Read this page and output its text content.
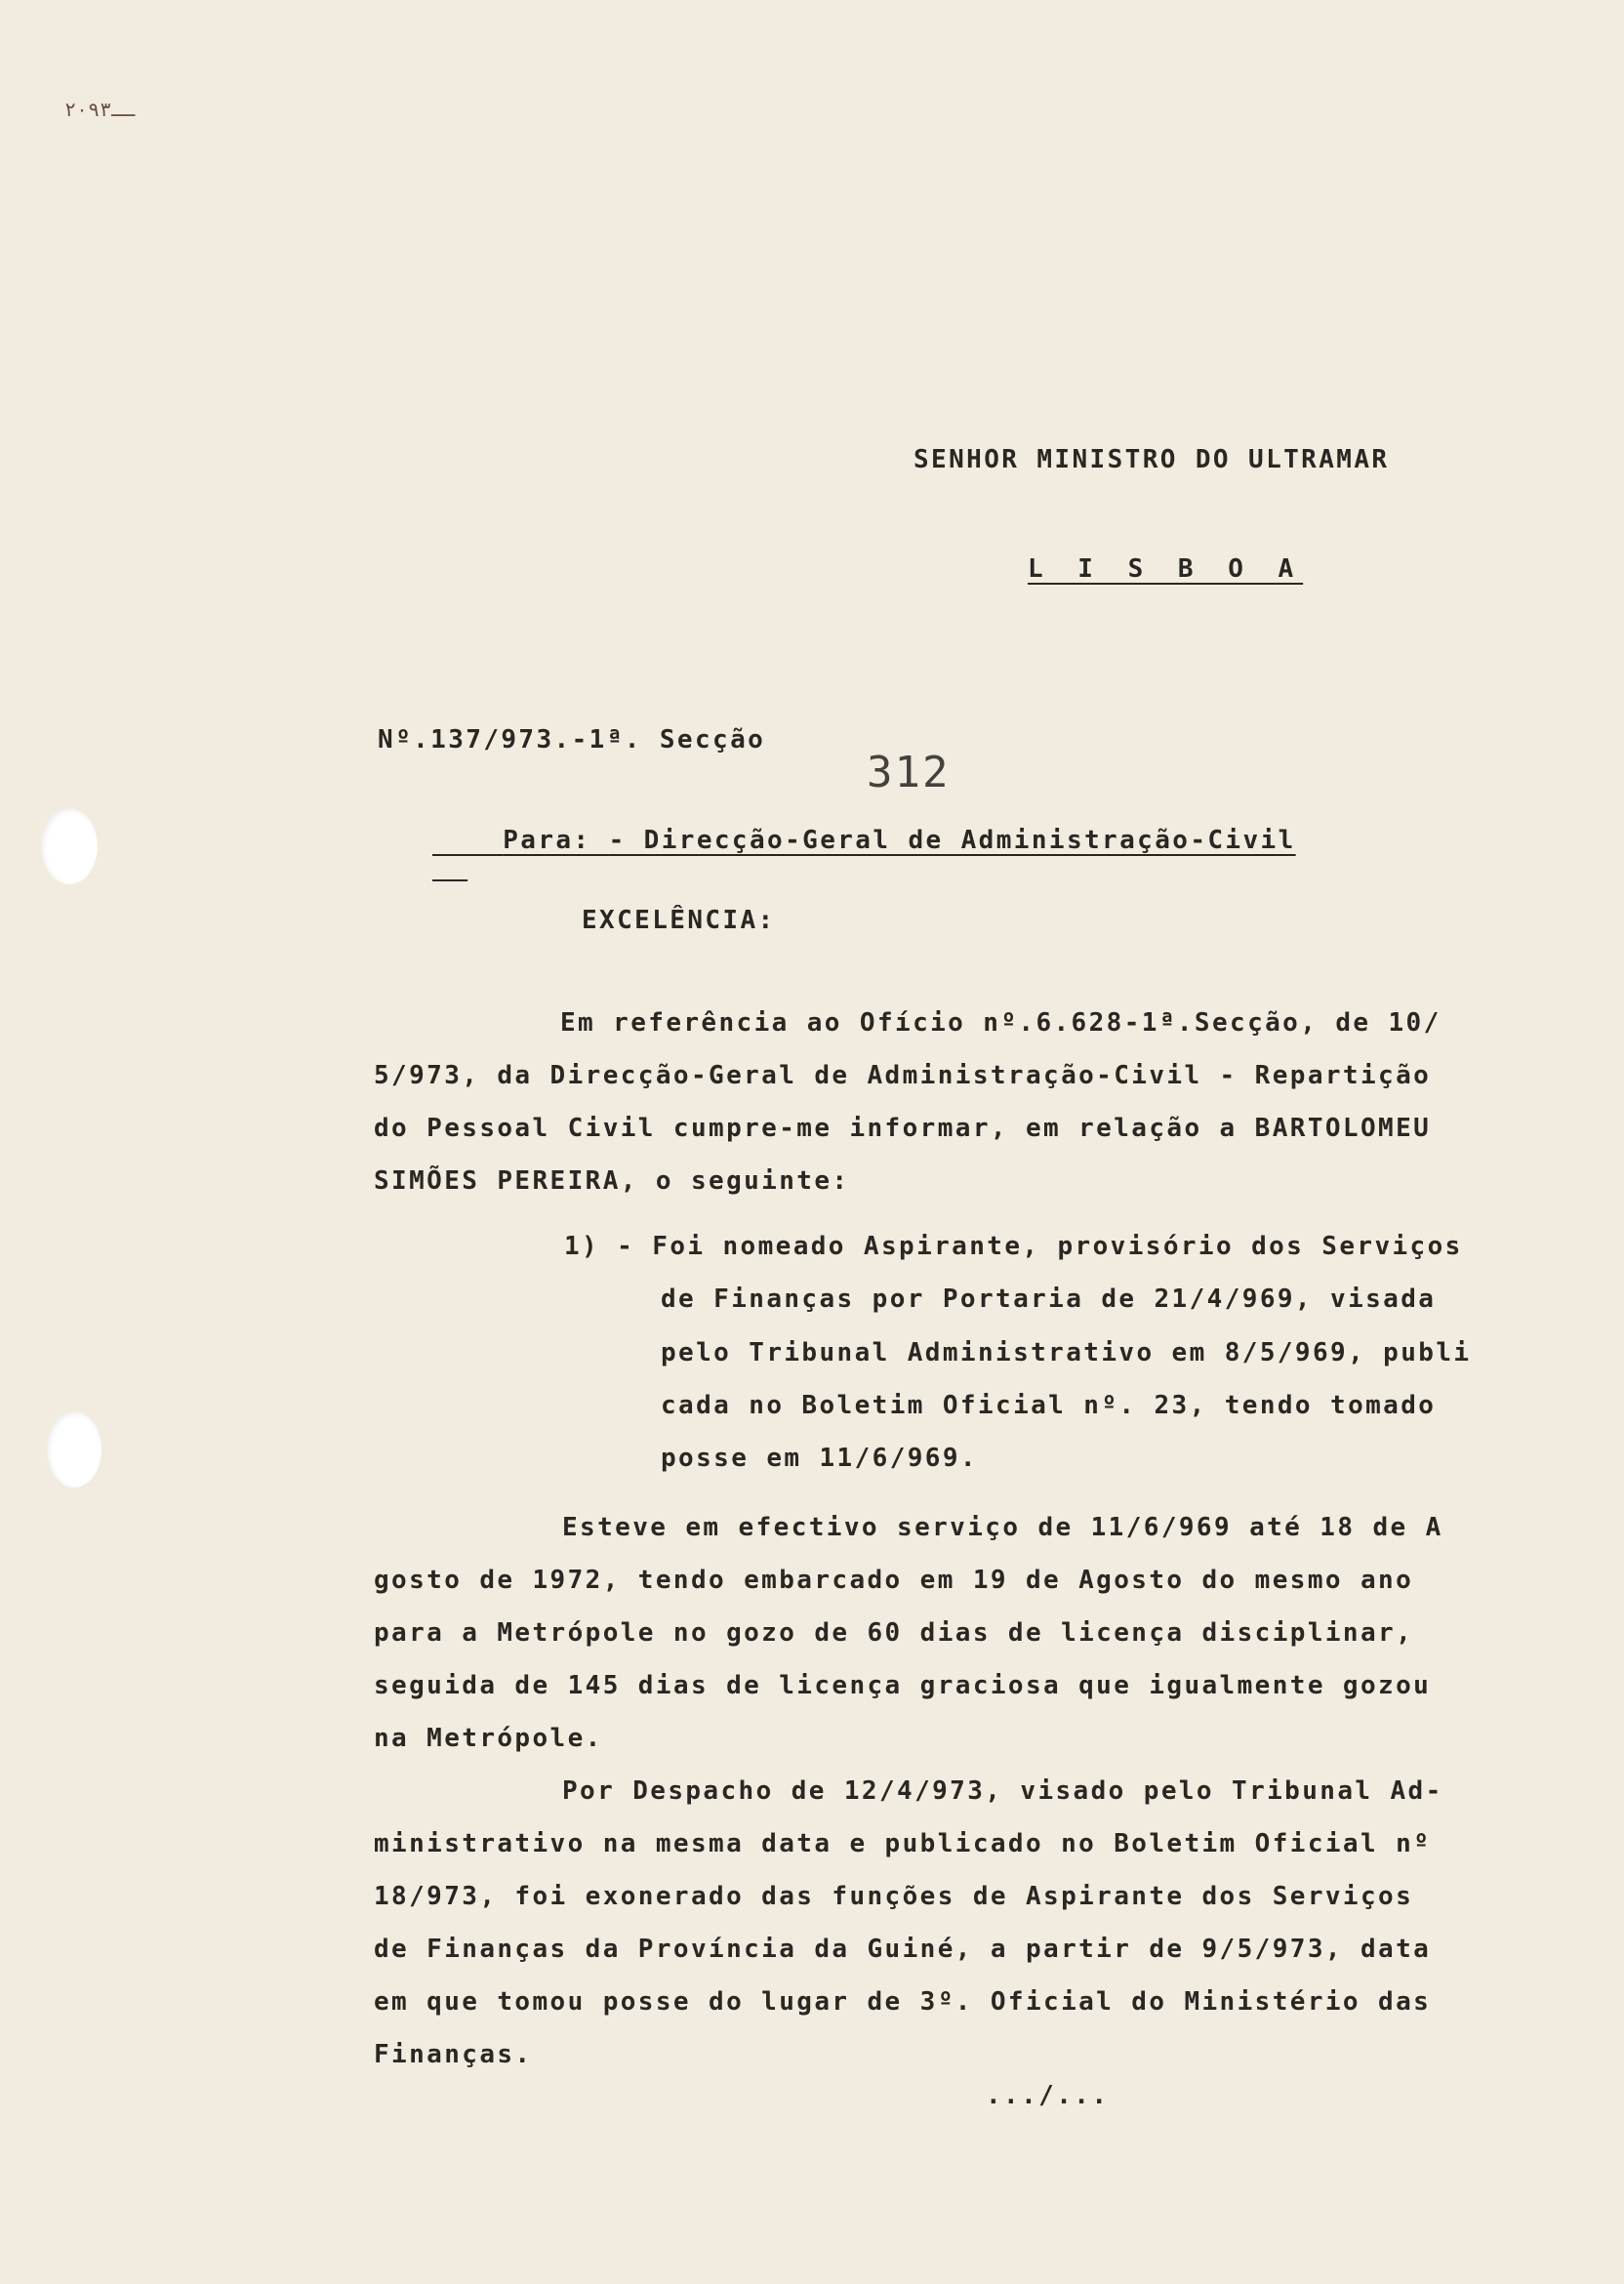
ــ٢٠٩٣
SENHOR MINISTRO DO ULTRAMAR
L I S B O A
Nº.137/973.-1ª. Secção
312

Para: - Direcção-Geral de Administração-Civil

EXCELÊNCIA:
Em referência ao Ofício nº.6.628-1ª.Secção, de 10/
5/973, da Direcção-Geral de Administração-Civil - Repartição
do Pessoal Civil cumpre-me informar, em relação a BARTOLOMEU
SIMÕES PEREIRA, o seguinte:
1) - Foi nomeado Aspirante, provisório dos Serviços
de Finanças por Portaria de 21/4/969, visada
pelo Tribunal Administrativo em 8/5/969, publi
cada no Boletim Oficial nº. 23, tendo tomado
posse em 11/6/969.
Esteve em efectivo serviço de 11/6/969 até 18 de A
gosto de 1972, tendo embarcado em 19 de Agosto do mesmo ano
para a Metrópole no gozo de 60 dias de licença disciplinar,
seguida de 145 dias de licença graciosa que igualmente gozou
na Metrópole.
Por Despacho de 12/4/973, visado pelo Tribunal Ad-
ministrativo na mesma data e publicado no Boletim Oficial nº
18/973, foi exonerado das funções de Aspirante dos Serviços
de Finanças da Província da Guiné, a partir de 9/5/973, data
em que tomou posse do lugar de 3º. Oficial do Ministério das
Finanças.
.../...
